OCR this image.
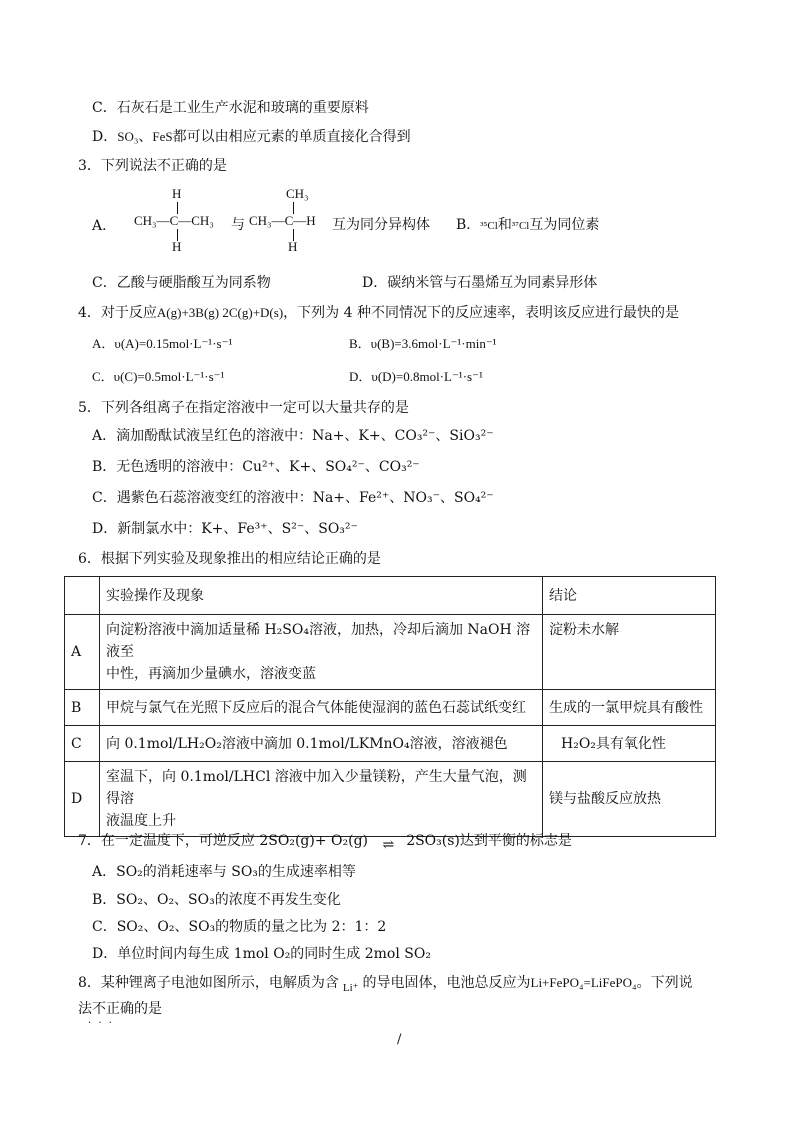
C．石灰石是工业生产水泥和玻璃的重要原料
D．SO₃、FeS都可以由相应元素的单质直接化合得到
3．下列说法不正确的是
A．
H
CH₃—C—CH₃
H
与
CH₃
CH₃—C—H
H
互为同分异构体 B．³⁵Cl和³⁷Cl互为同位素
C．乙酸与硬脂酸互为同系物	D．碳纳米管与石墨烯互为同素异形体
4．对于反应A(g)+3B(g) 2C(g)+D(s)，下列为 4 种不同情况下的反应速率，表明该反应进行最快的是
A．υ(A)=0.15mol·L⁻¹·s⁻¹	B．υ(B)=3.6mol·L⁻¹·min⁻¹
C．υ(C)=0.5mol·L⁻¹·s⁻¹	D．υ(D)=0.8mol·L⁻¹·s⁻¹
5．下列各组离子在指定溶液中一定可以大量共存的是
A．滴加酚酞试液呈红色的溶液中：Na+、K+、CO₃²⁻、SiO₃²⁻
B．无色透明的溶液中：Cu²⁺、K+、SO₄²⁻、CO₃²⁻
C．遇紫色石蕊溶液变红的溶液中：Na+、Fe²⁺、NO₃⁻、SO₄²⁻
D．新制氯水中：K+、Fe³⁺、S²⁻、SO₃²⁻
6．根据下列实验及现象推出的相应结论正确的是
	实验操作及现象	结论
A	向淀粉溶液中滴加适量稀 H₂SO₄溶液，加热，冷却后滴加 NaOH 溶液至
中性，再滴加少量碘水，溶液变蓝	淀粉未水解
B	甲烷与氯气在光照下反应后的混合气体能使湿润的蓝色石蕊试纸变红	生成的一氯甲烷具有酸性
C	向 0.1mol/LH₂O₂溶液中滴加 0.1mol/LKMnO₄溶液，溶液褪色	H₂O₂具有氧化性
D	室温下，向 0.1mol/LHCl 溶液中加入少量镁粉，产生大量气泡，测得溶
液温度上升	镁与盐酸反应放热
7．在一定温度下，可逆反应 2SO₂(g)+ O₂(g) ⇌ 2SO₃(s)达到平衡的标志是
A．SO₂的消耗速率与 SO₃的生成速率相等
B．SO₂、O₂、SO₃的浓度不再发生变化
C．SO₂、O₂、SO₃的物质的量之比为 2：1：2
D．单位时间内每生成 1mol O₂的同时生成 2mol SO₂
8．某种锂离子电池如图所示，电解质为含 $_{Li^+}$ 的导电固体，电池总反应为Li+FePO₄=LiFePO₄。下列说
法不正确的是
· · ·
/
